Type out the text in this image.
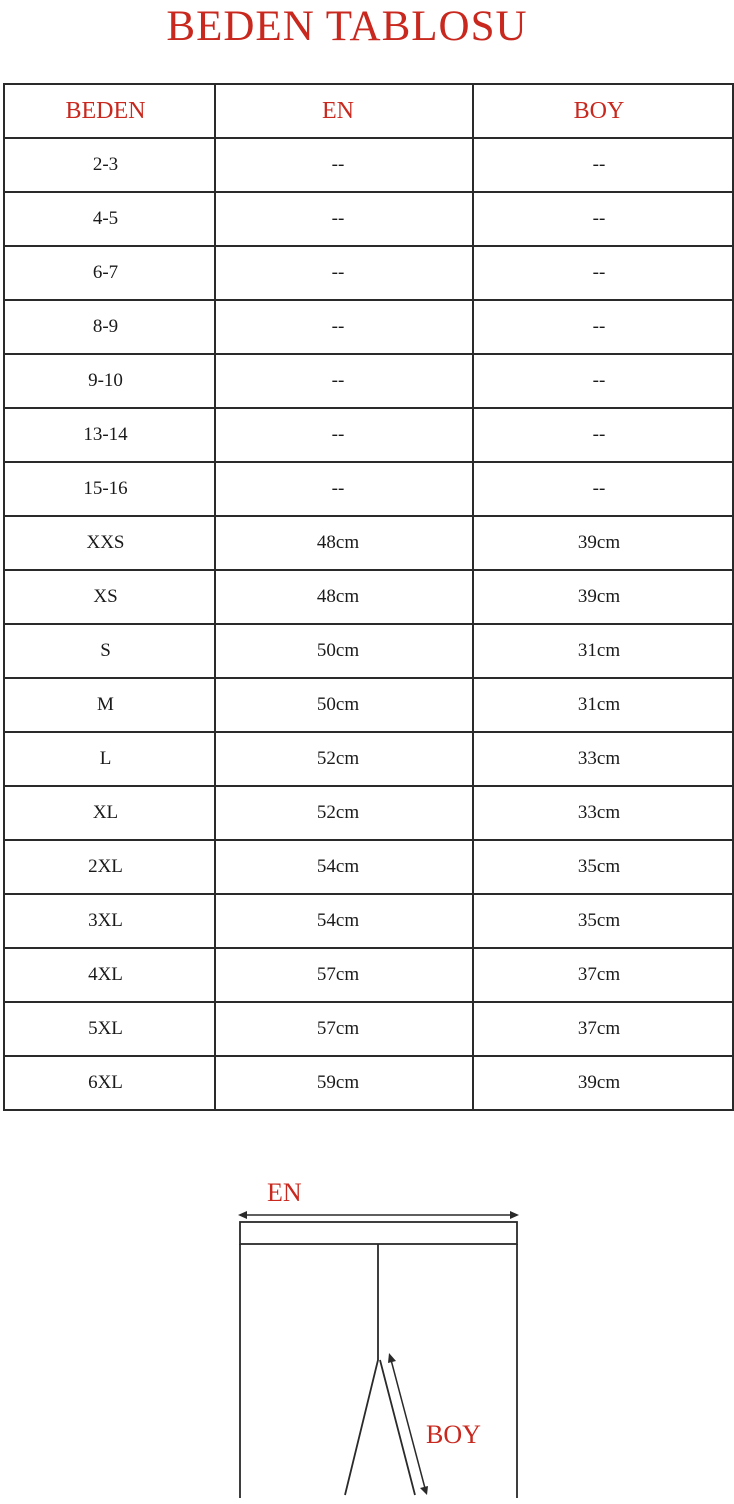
BEDEN TABLOSU
BEDEN	EN	BOY
2-3	--	--
4-5	--	--
6-7	--	--
8-9	--	--
9-10	--	--
13-14	--	--
15-16	--	--
XXS	48cm	39cm
XS	48cm	39cm
S	50cm	31cm
M	50cm	31cm
L	52cm	33cm
XL	52cm	33cm
2XL	54cm	35cm
3XL	54cm	35cm
4XL	57cm	37cm
5XL	57cm	37cm
6XL	59cm	39cm
EN
BOY
